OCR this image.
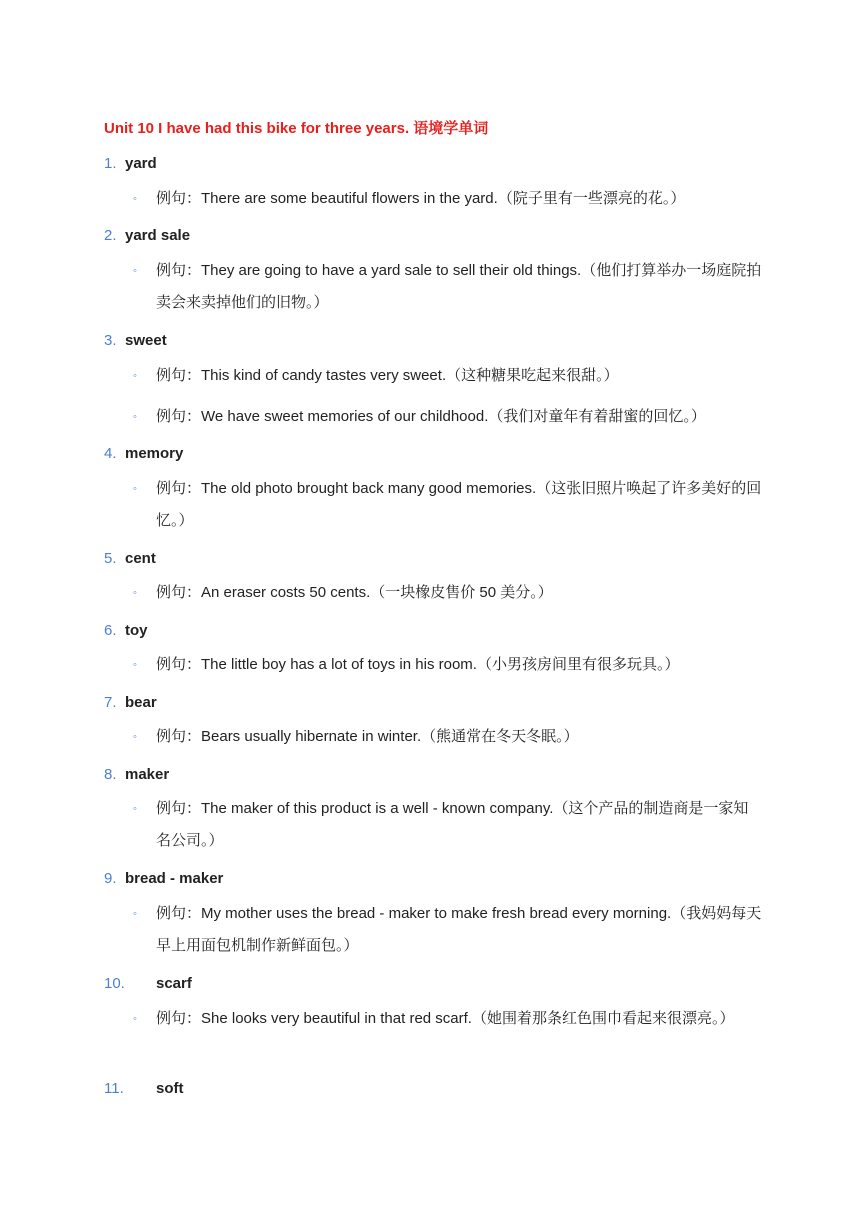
Unit 10 I have had this bike for three years. 语境学单词
1. yard
◦ 例句：There are some beautiful flowers in the yard.（院子里有一些漂亮的花。）
2. yard sale
◦ 例句：They are going to have a yard sale to sell their old things.（他们打算举办一场庭院拍卖会来卖掉他们的旧物。）
3. sweet
◦ 例句：This kind of candy tastes very sweet.（这种糖果吃起来很甜。）
◦ 例句：We have sweet memories of our childhood.（我们对童年有着甜蜜的回忆。）
4. memory
◦ 例句：The old photo brought back many good memories.（这张旧照片唤起了许多美好的回忆。）
5. cent
◦ 例句：An eraser costs 50 cents.（一块橡皮售价 50 美分。）
6. toy
◦ 例句：The little boy has a lot of toys in his room.（小男孩房间里有很多玩具。）
7. bear
◦ 例句：Bears usually hibernate in winter.（熊通常在冬天冬眠。）
8. maker
◦ 例句：The maker of this product is a well - known company.（这个产品的制造商是一家知名公司。）
9. bread - maker
◦ 例句：My mother uses the bread - maker to make fresh bread every morning.（我妈妈每天早上用面包机制作新鲜面包。）
10. scarf
◦ 例句：She looks very beautiful in that red scarf.（她围着那条红色围巾看起来很漂亮。）
11. soft
